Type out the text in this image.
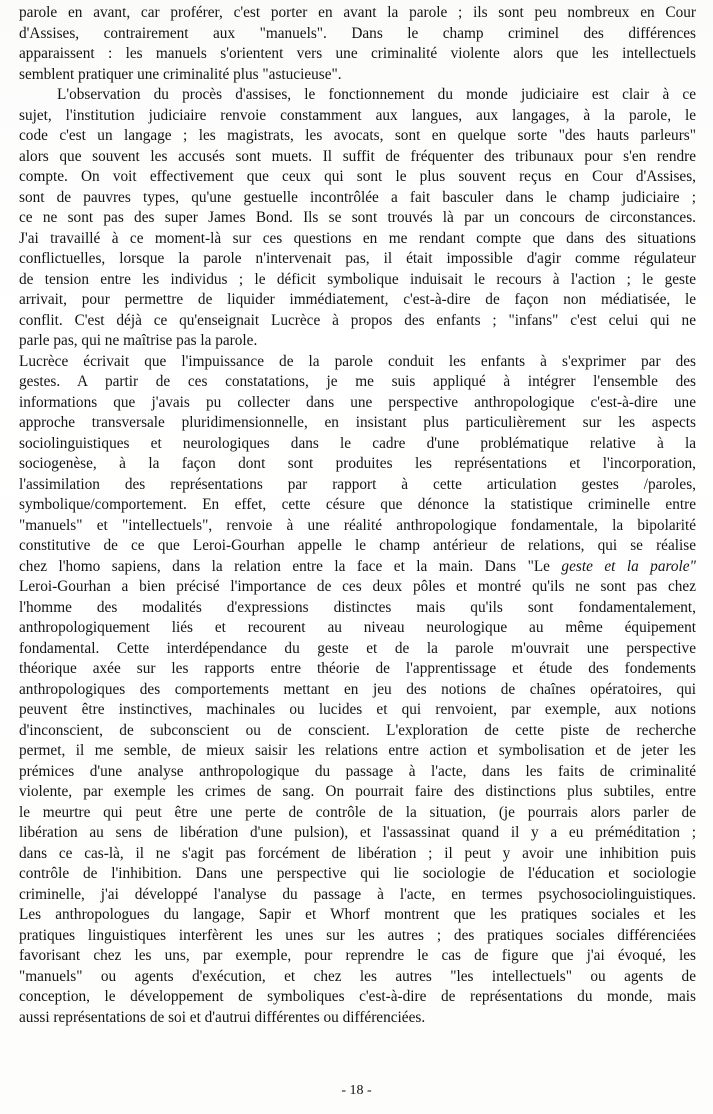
parole en avant, car proférer, c'est porter en avant la parole ; ils sont peu nombreux en Cour
d'Assises, contrairement aux "manuels". Dans le champ criminel des différences
apparaissent : les manuels s'orientent vers une criminalité violente alors que les intellectuels
semblent pratiquer une criminalité plus "astucieuse".
L'observation du procès d'assises, le fonctionnement du monde judiciaire est clair à ce
sujet, l'institution judiciaire renvoie constamment aux langues, aux langages, à la parole, le
code c'est un langage ; les magistrats, les avocats, sont en quelque sorte "des hauts parleurs"
alors que souvent les accusés sont muets. Il suffit de fréquenter des tribunaux pour s'en rendre
compte. On voit effectivement que ceux qui sont le plus souvent reçus en Cour d'Assises,
sont de pauvres types, qu'une gestuelle incontrôlée a fait basculer dans le champ judiciaire ;
ce ne sont pas des super James Bond. Ils se sont trouvés là par un concours de circonstances.
J'ai travaillé à ce moment-là sur ces questions en me rendant compte que dans des situations
conflictuelles, lorsque la parole n'intervenait pas, il était impossible d'agir comme régulateur
de tension entre les individus ; le déficit symbolique induisait le recours à l'action ; le geste
arrivait, pour permettre de liquider immédiatement, c'est-à-dire de façon non médiatisée, le
conflit. C'est déjà ce qu'enseignait Lucrèce à propos des enfants ; "infans" c'est celui qui ne
parle pas, qui ne maîtrise pas la parole.
Lucrèce écrivait que l'impuissance de la parole conduit les enfants à s'exprimer par des
gestes. A partir de ces constatations, je me suis appliqué à intégrer l'ensemble des
informations que j'avais pu collecter dans une perspective anthropologique c'est-à-dire une
approche transversale pluridimensionnelle, en insistant plus particulièrement sur les aspects
sociolinguistiques et neurologiques dans le cadre d'une problématique relative à la
sociogenèse, à la façon dont sont produites les représentations et l'incorporation,
l'assimilation des représentations par rapport à cette articulation gestes /paroles,
symbolique/comportement. En effet, cette césure que dénonce la statistique criminelle entre
"manuels" et "intellectuels", renvoie à une réalité anthropologique fondamentale, la bipolarité
constitutive de ce que Leroi-Gourhan appelle le champ antérieur de relations, qui se réalise
chez l'homo sapiens, dans la relation entre la face et la main. Dans "Le geste et la parole"
Leroi-Gourhan a bien précisé l'importance de ces deux pôles et montré qu'ils ne sont pas chez
l'homme des modalités d'expressions distinctes mais qu'ils sont fondamentalement,
anthropologiquement liés et recourent au niveau neurologique au même équipement
fondamental. Cette interdépendance du geste et de la parole m'ouvrait une perspective
théorique axée sur les rapports entre théorie de l'apprentissage et étude des fondements
anthropologiques des comportements mettant en jeu des notions de chaînes opératoires, qui
peuvent être instinctives, machinales ou lucides et qui renvoient, par exemple, aux notions
d'inconscient, de subconscient ou de conscient. L'exploration de cette piste de recherche
permet, il me semble, de mieux saisir les relations entre action et symbolisation et de jeter les
prémices d'une analyse anthropologique du passage à l'acte, dans les faits de criminalité
violente, par exemple les crimes de sang. On pourrait faire des distinctions plus subtiles, entre
le meurtre qui peut être une perte de contrôle de la situation, (je pourrais alors parler de
libération au sens de libération d'une pulsion), et l'assassinat quand il y a eu préméditation ;
dans ce cas-là, il ne s'agit pas forcément de libération ; il peut y avoir une inhibition puis
contrôle de l'inhibition. Dans une perspective qui lie sociologie de l'éducation et sociologie
criminelle, j'ai développé l'analyse du passage à l'acte, en termes psychosociolinguistiques.
Les anthropologues du langage, Sapir et Whorf montrent que les pratiques sociales et les
pratiques linguistiques interfèrent les unes sur les autres ; des pratiques sociales différenciées
favorisant chez les uns, par exemple, pour reprendre le cas de figure que j'ai évoqué, les
"manuels" ou agents d'exécution, et chez les autres "les intellectuels" ou agents de
conception, le développement de symboliques c'est-à-dire de représentations du monde, mais
aussi représentations de soi et d'autrui différentes ou différenciées.
- 18 -
